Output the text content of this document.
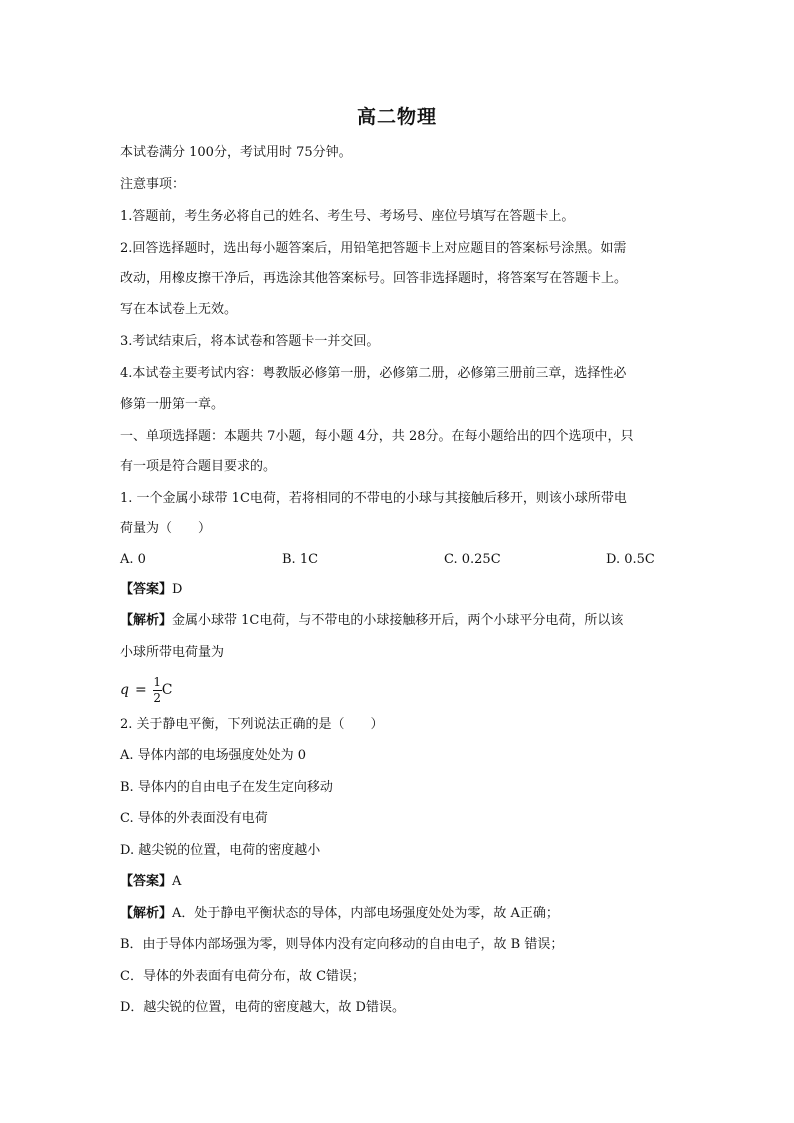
高二物理
本试卷满分 100分，考试用时 75分钟。
注意事项：
1.答题前，考生务必将自己的姓名、考生号、考场号、座位号填写在答题卡上。
2.回答选择题时，选出每小题答案后，用铅笔把答题卡上对应题目的答案标号涂黑。如需
改动，用橡皮擦干净后，再选涂其他答案标号。回答非选择题时，将答案写在答题卡上。
写在本试卷上无效。
3.考试结束后，将本试卷和答题卡一并交回。
4.本试卷主要考试内容：粤教版必修第一册，必修第二册，必修第三册前三章，选择性必
修第一册第一章。
一、单项选择题：本题共 7小题，每小题 4分，共 28分。在每小题给出的四个选项中，只
有一项是符合题目要求的。
1. 一个金属小球带 1C电荷，若将相同的不带电的小球与其接触后移开，则该小球所带电
荷量为（　　）
A. 0	B. 1C	C. 0.25C	D. 0.5C
【答案】D
【解析】金属小球带 1C电荷，与不带电的小球接触移开后，两个小球平分电荷，所以该
小球所带电荷量为
$q = \frac{1}{2}$ C
2. 关于静电平衡，下列说法正确的是（　　）
A. 导体内部的电场强度处处为 0
B. 导体内的自由电子在发生定向移动
C. 导体的外表面没有电荷
D. 越尖锐的位置，电荷的密度越小
【答案】A
【解析】A．处于静电平衡状态的导体，内部电场强度处处为零，故 A正确；
B．由于导体内部场强为零，则导体内没有定向移动的自由电子，故 B 错误；
C．导体的外表面有电荷分布，故 C错误；
D．越尖锐的位置，电荷的密度越大，故 D错误。
